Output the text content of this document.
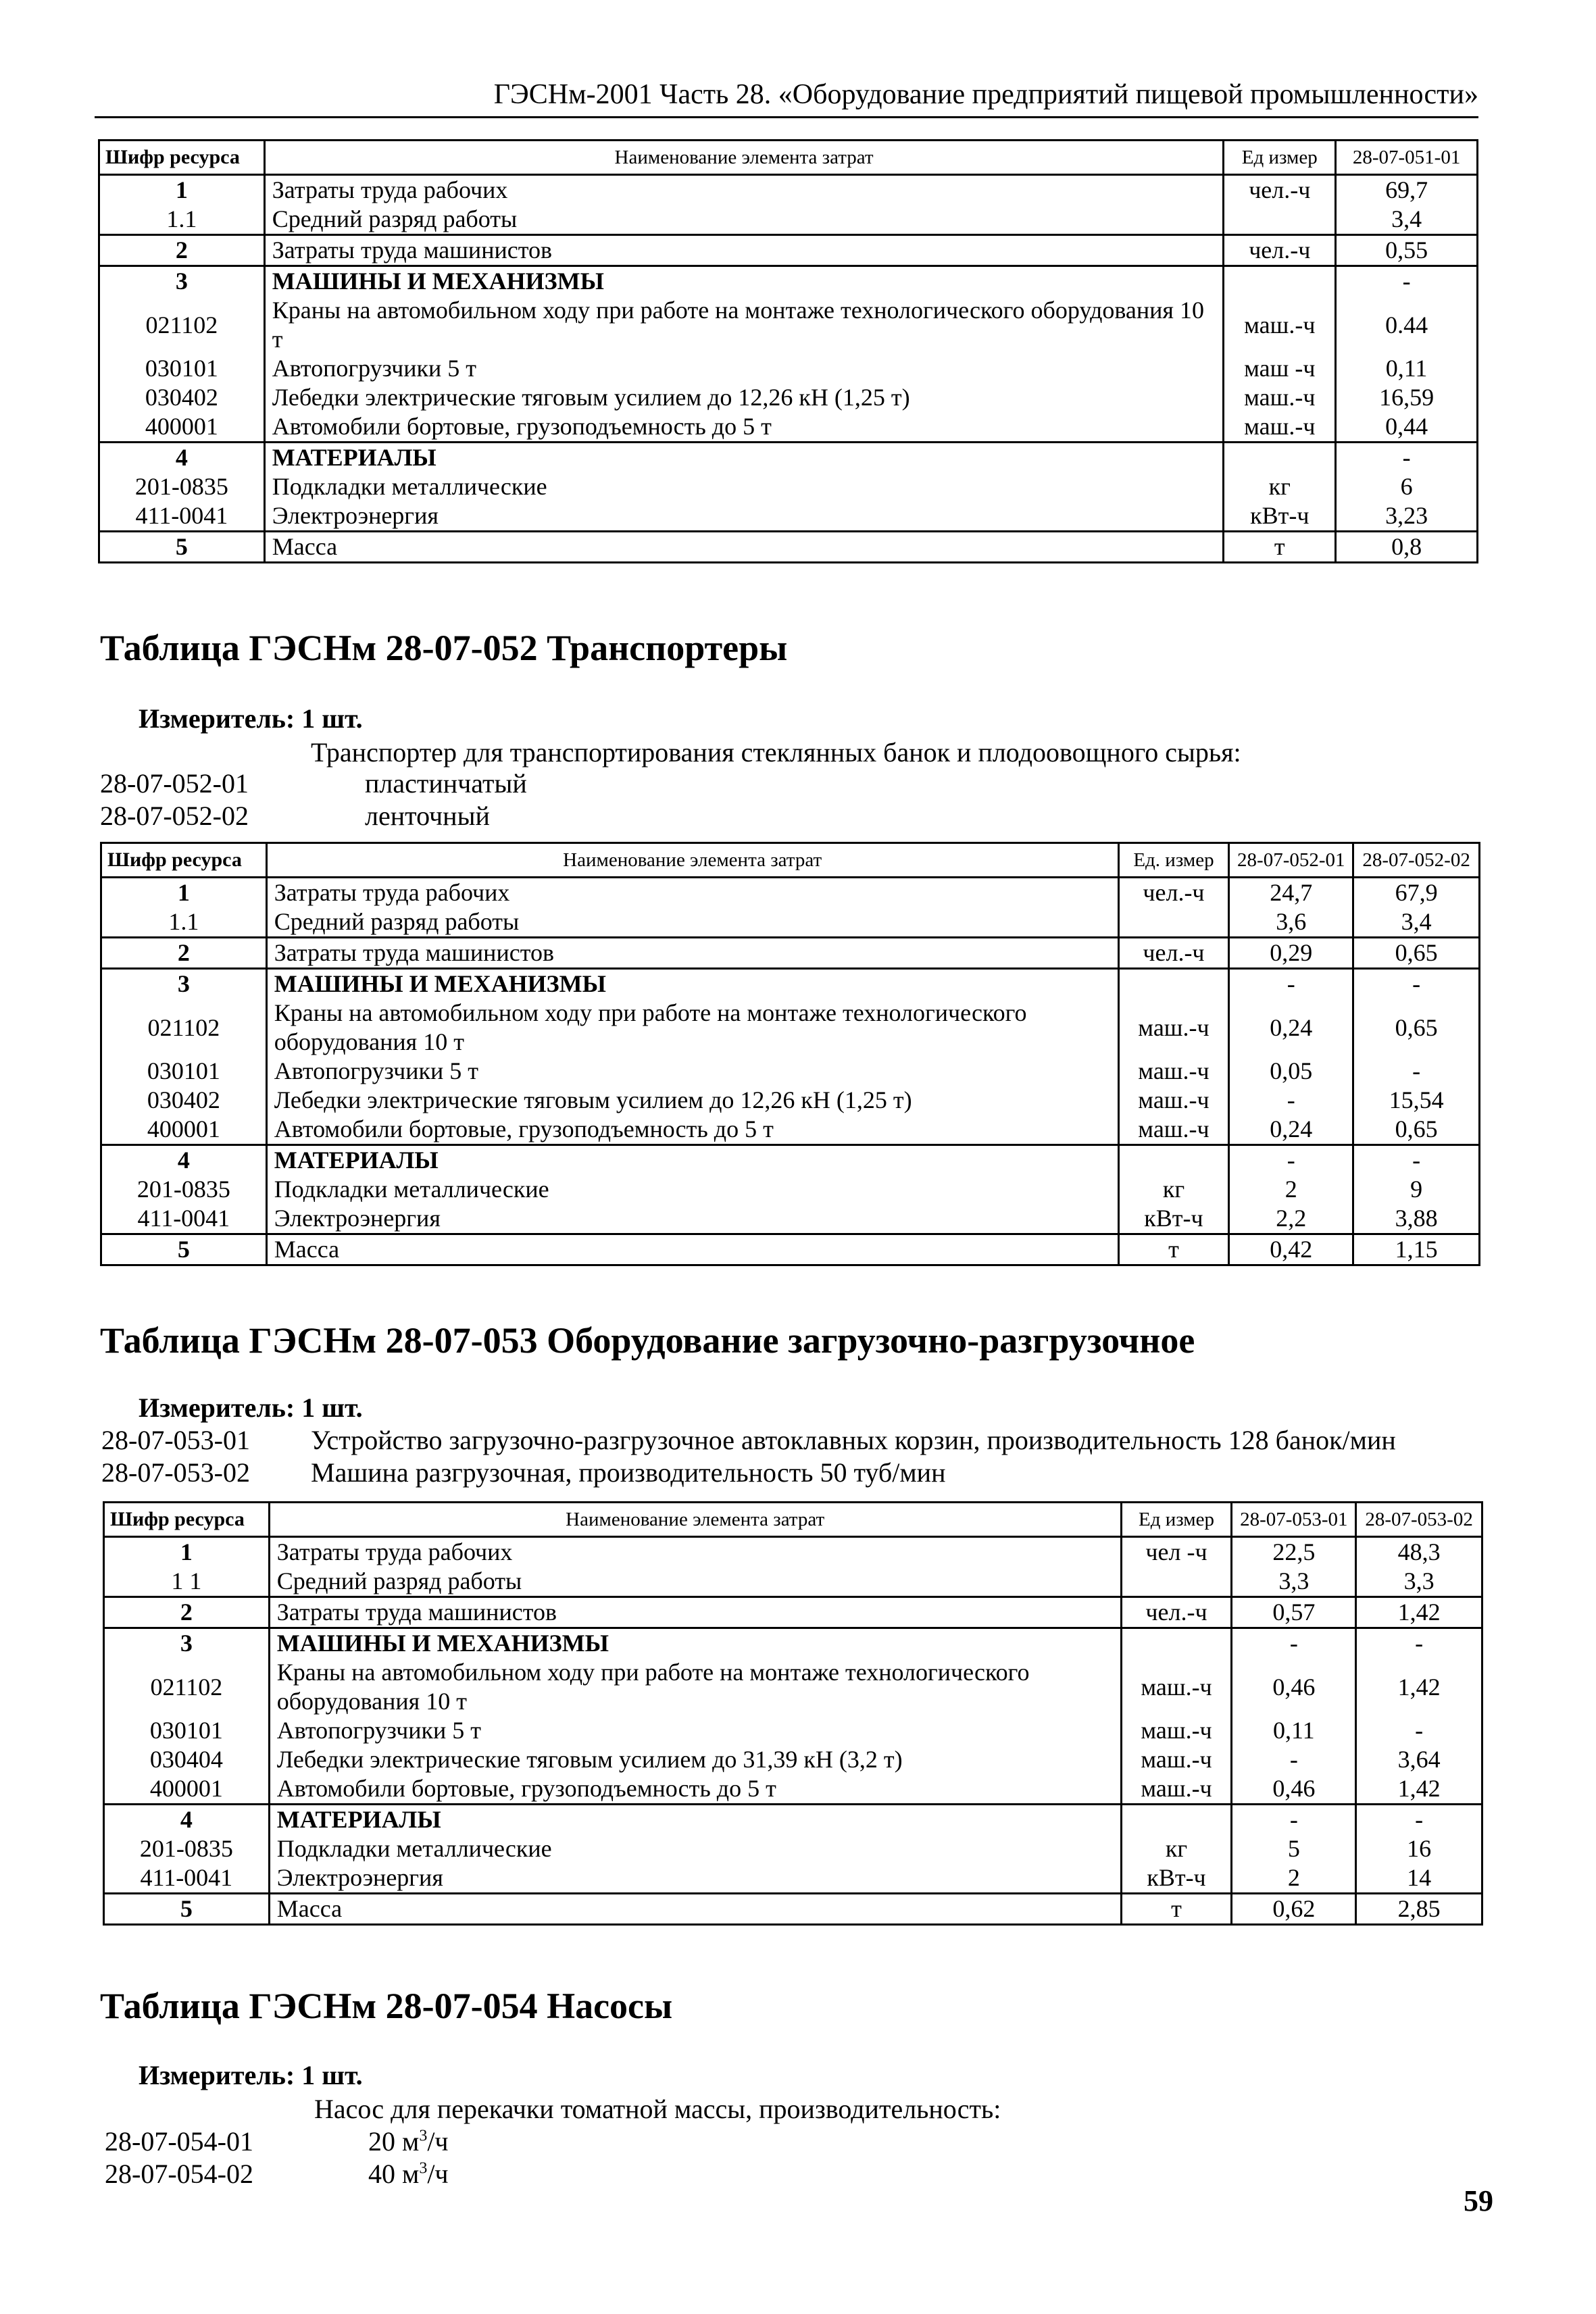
ГЭСНм-2001 Часть 28. «Оборудование предприятий пищевой промышленности»
Шифр ресурса	Наименование элемента затрат	Ед измер	28-07-051-01
1	Затраты труда рабочих	чел.-ч	69,7
1.1	Средний разряд работы		3,4
2	Затраты труда машинистов	чел.-ч	0,55
3	МАШИНЫ И МЕХАНИЗМЫ		-
021102	Краны на автомобильном ходу при работе на монтаже технологического оборудования 10 т	маш.-ч	0.44
030101	Автопогрузчики 5 т	маш -ч	0,11
030402	Лебедки электрические тяговым усилием до 12,26 кН (1,25 т)	маш.-ч	16,59
400001	Автомобили бортовые, грузоподъемность до 5 т	маш.-ч	0,44
4	МАТЕРИАЛЫ		-
201-0835	Подкладки металлические	кг	6
411-0041	Электроэнергия	кВт-ч	3,23
5	Масса	т	0,8
Таблица ГЭСНм 28-07-052 Транспортеры
Измеритель: 1 шт.
Транспортер для транспортирования стеклянных банок и плодоовощного сырья:
28-07-052-01	пластинчатый
28-07-052-02	ленточный
Шифр ресурса	Наименование элемента затрат	Ед. измер	28-07-052-01	28-07-052-02
1	Затраты труда рабочих	чел.-ч	24,7	67,9
1.1	Средний разряд работы		3,6	3,4
2	Затраты труда машинистов	чел.-ч	0,29	0,65
3	МАШИНЫ И МЕХАНИЗМЫ		-	-
021102	Краны на автомобильном ходу при работе на монтаже технологического оборудования 10 т	маш.-ч	0,24	0,65
030101	Автопогрузчики 5 т	маш.-ч	0,05	-
030402	Лебедки электрические тяговым усилием до 12,26 кН (1,25 т)	маш.-ч	-	15,54
400001	Автомобили бортовые, грузоподъемность до 5 т	маш.-ч	0,24	0,65
4	МАТЕРИАЛЫ		-	-
201-0835	Подкладки металлические	кг	2	9
411-0041	Электроэнергия	кВт-ч	2,2	3,88
5	Масса	т	0,42	1,15
Таблица ГЭСНм 28-07-053 Оборудование загрузочно-разгрузочное
Измеритель: 1 шт.
28-07-053-01 Устройство загрузочно-разгрузочное автоклавных корзин, производительность 128 банок/мин
28-07-053-02 Машина разгрузочная, производительность 50 туб/мин
Шифр ресурса	Наименование элемента затрат	Ед измер	28-07-053-01	28-07-053-02
1	Затраты труда рабочих	чел -ч	22,5	48,3
1 1	Средний разряд работы		3,3	3,3
2	Затраты труда машинистов	чел.-ч	0,57	1,42
3	МАШИНЫ И МЕХАНИЗМЫ		-	-
021102	Краны на автомобильном ходу при работе на монтаже технологического оборудования 10 т	маш.-ч	0,46	1,42
030101	Автопогрузчики 5 т	маш.-ч	0,11	-
030404	Лебедки электрические тяговым усилием до 31,39 кН (3,2 т)	маш.-ч	-	3,64
400001	Автомобили бортовые, грузоподъемность до 5 т	маш.-ч	0,46	1,42
4	МАТЕРИАЛЫ		-	-
201-0835	Подкладки металлические	кг	5	16
411-0041	Электроэнергия	кВт-ч	2	14
5	Масса	т	0,62	2,85
Таблица ГЭСНм 28-07-054 Насосы
Измеритель: 1 шт.
Насос для перекачки томатной массы, производительность:
28-07-054-01	20 $м^3/ч$
28-07-054-02	40 $м^3/ч$
59
